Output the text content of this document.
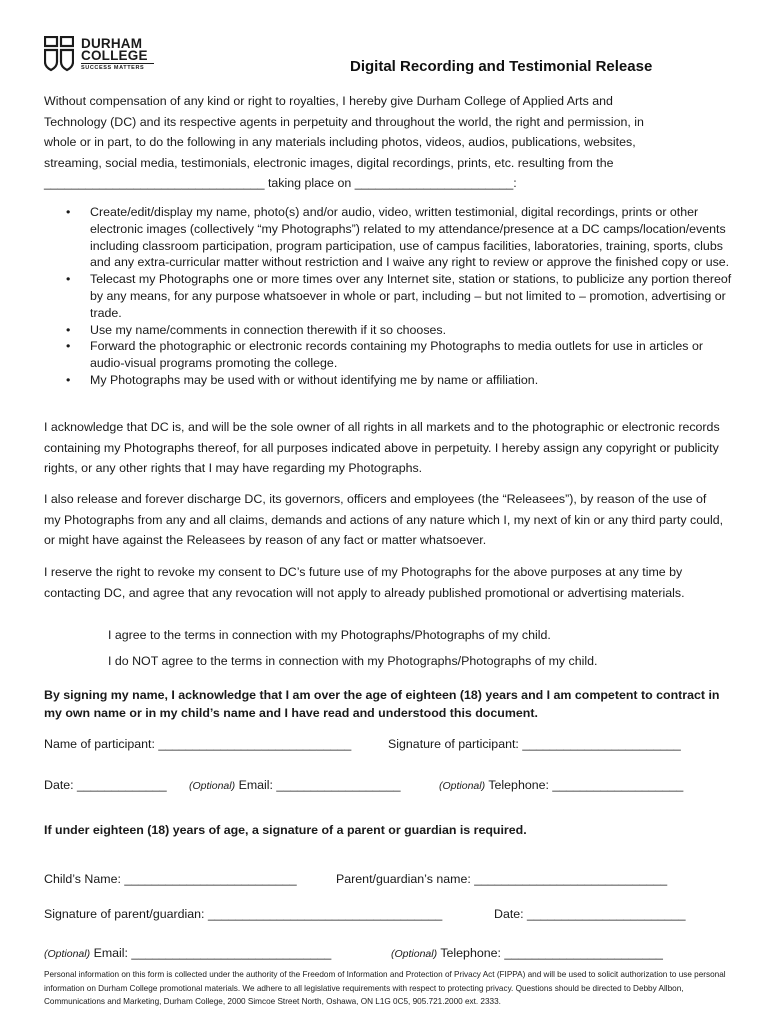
DURHAM
COLLEGE
SUCCESS MATTERS	Digital Recording and Testimonial Release

Without compensation of any kind or right to royalties, I hereby give Durham College of Applied Arts and

Technology (DC) and its respective agents in perpetuity and throughout the world, the right and permission, in

whole or in part, to do the following in any materials including photos, videos, audios, publications, websites,

streaming, social media, testimonials, electronic images, digital recordings, prints, etc. resulting from the

________________________________ taking place on _______________________:

• Create/edit/display my name, photo(s) and/or audio, video, written testimonial, digital recordings, prints or other electronic images (collectively “my Photographs”) related to my attendance/presence at a DC camps/location/events including classroom participation, program participation, use of campus facilities, laboratories, training, sports, clubs and any extra-curricular matter without restriction and I waive any right to review or approve the finished copy or use.
• Telecast my Photographs one or more times over any Internet site, station or stations, to publicize any portion thereof by any means, for any purpose whatsoever in whole or part, including – but not limited to – promotion, advertising or trade.
• Use my name/comments in connection therewith if it so chooses.
• Forward the photographic or electronic records containing my Photographs to media outlets for use in articles or audio-visual programs promoting the college.
• My Photographs may be used with or without identifying me by name or affiliation.
I acknowledge that DC is, and will be the sole owner of all rights in all markets and to the photographic or electronic records containing my Photographs thereof, for all purposes indicated above in perpetuity. I hereby assign any copyright or publicity rights, or any other rights that I may have regarding my Photographs.
I also release and forever discharge DC, its governors, officers and employees (the “Releasees”), by reason of the use of my Photographs from any and all claims, demands and actions of any nature which I, my next of kin or any third party could, or might have against the Releasees by reason of any fact or matter whatsoever.
I reserve the right to revoke my consent to DC’s future use of my Photographs for the above purposes at any time by contacting DC, and agree that any revocation will not apply to already published promotional or advertising materials.
I agree to the terms in connection with my Photographs/Photographs of my child.
I do NOT agree to the terms in connection with my Photographs/Photographs of my child.
By signing my name, I acknowledge that I am over the age of eighteen (18) years and I am competent to contract in my own name or in my child’s name and I have read and understood this document.
Name of participant: ____________________________	Signature of participant: _______________________
Date: _____________ (Optional) Email: __________________	(Optional) Telephone: ___________________
If under eighteen (18) years of age, a signature of a parent or guardian is required.
Child’s Name: _________________________	Parent/guardian’s name: ____________________________
Signature of parent/guardian: __________________________________	Date: _______________________
(Optional) Email: _____________________________	(Optional) Telephone: _______________________
Personal information on this form is collected under the authority of the Freedom of Information and Protection of Privacy Act (FIPPA) and will be used to solicit authorization to use personal information on Durham College promotional materials. We adhere to all legislative requirements with respect to protecting privacy. Questions should be directed to Debby Allbon, Communications and Marketing, Durham College, 2000 Simcoe Street North, Oshawa, ON L1G 0C5, 905.721.2000 ext. 2333.
